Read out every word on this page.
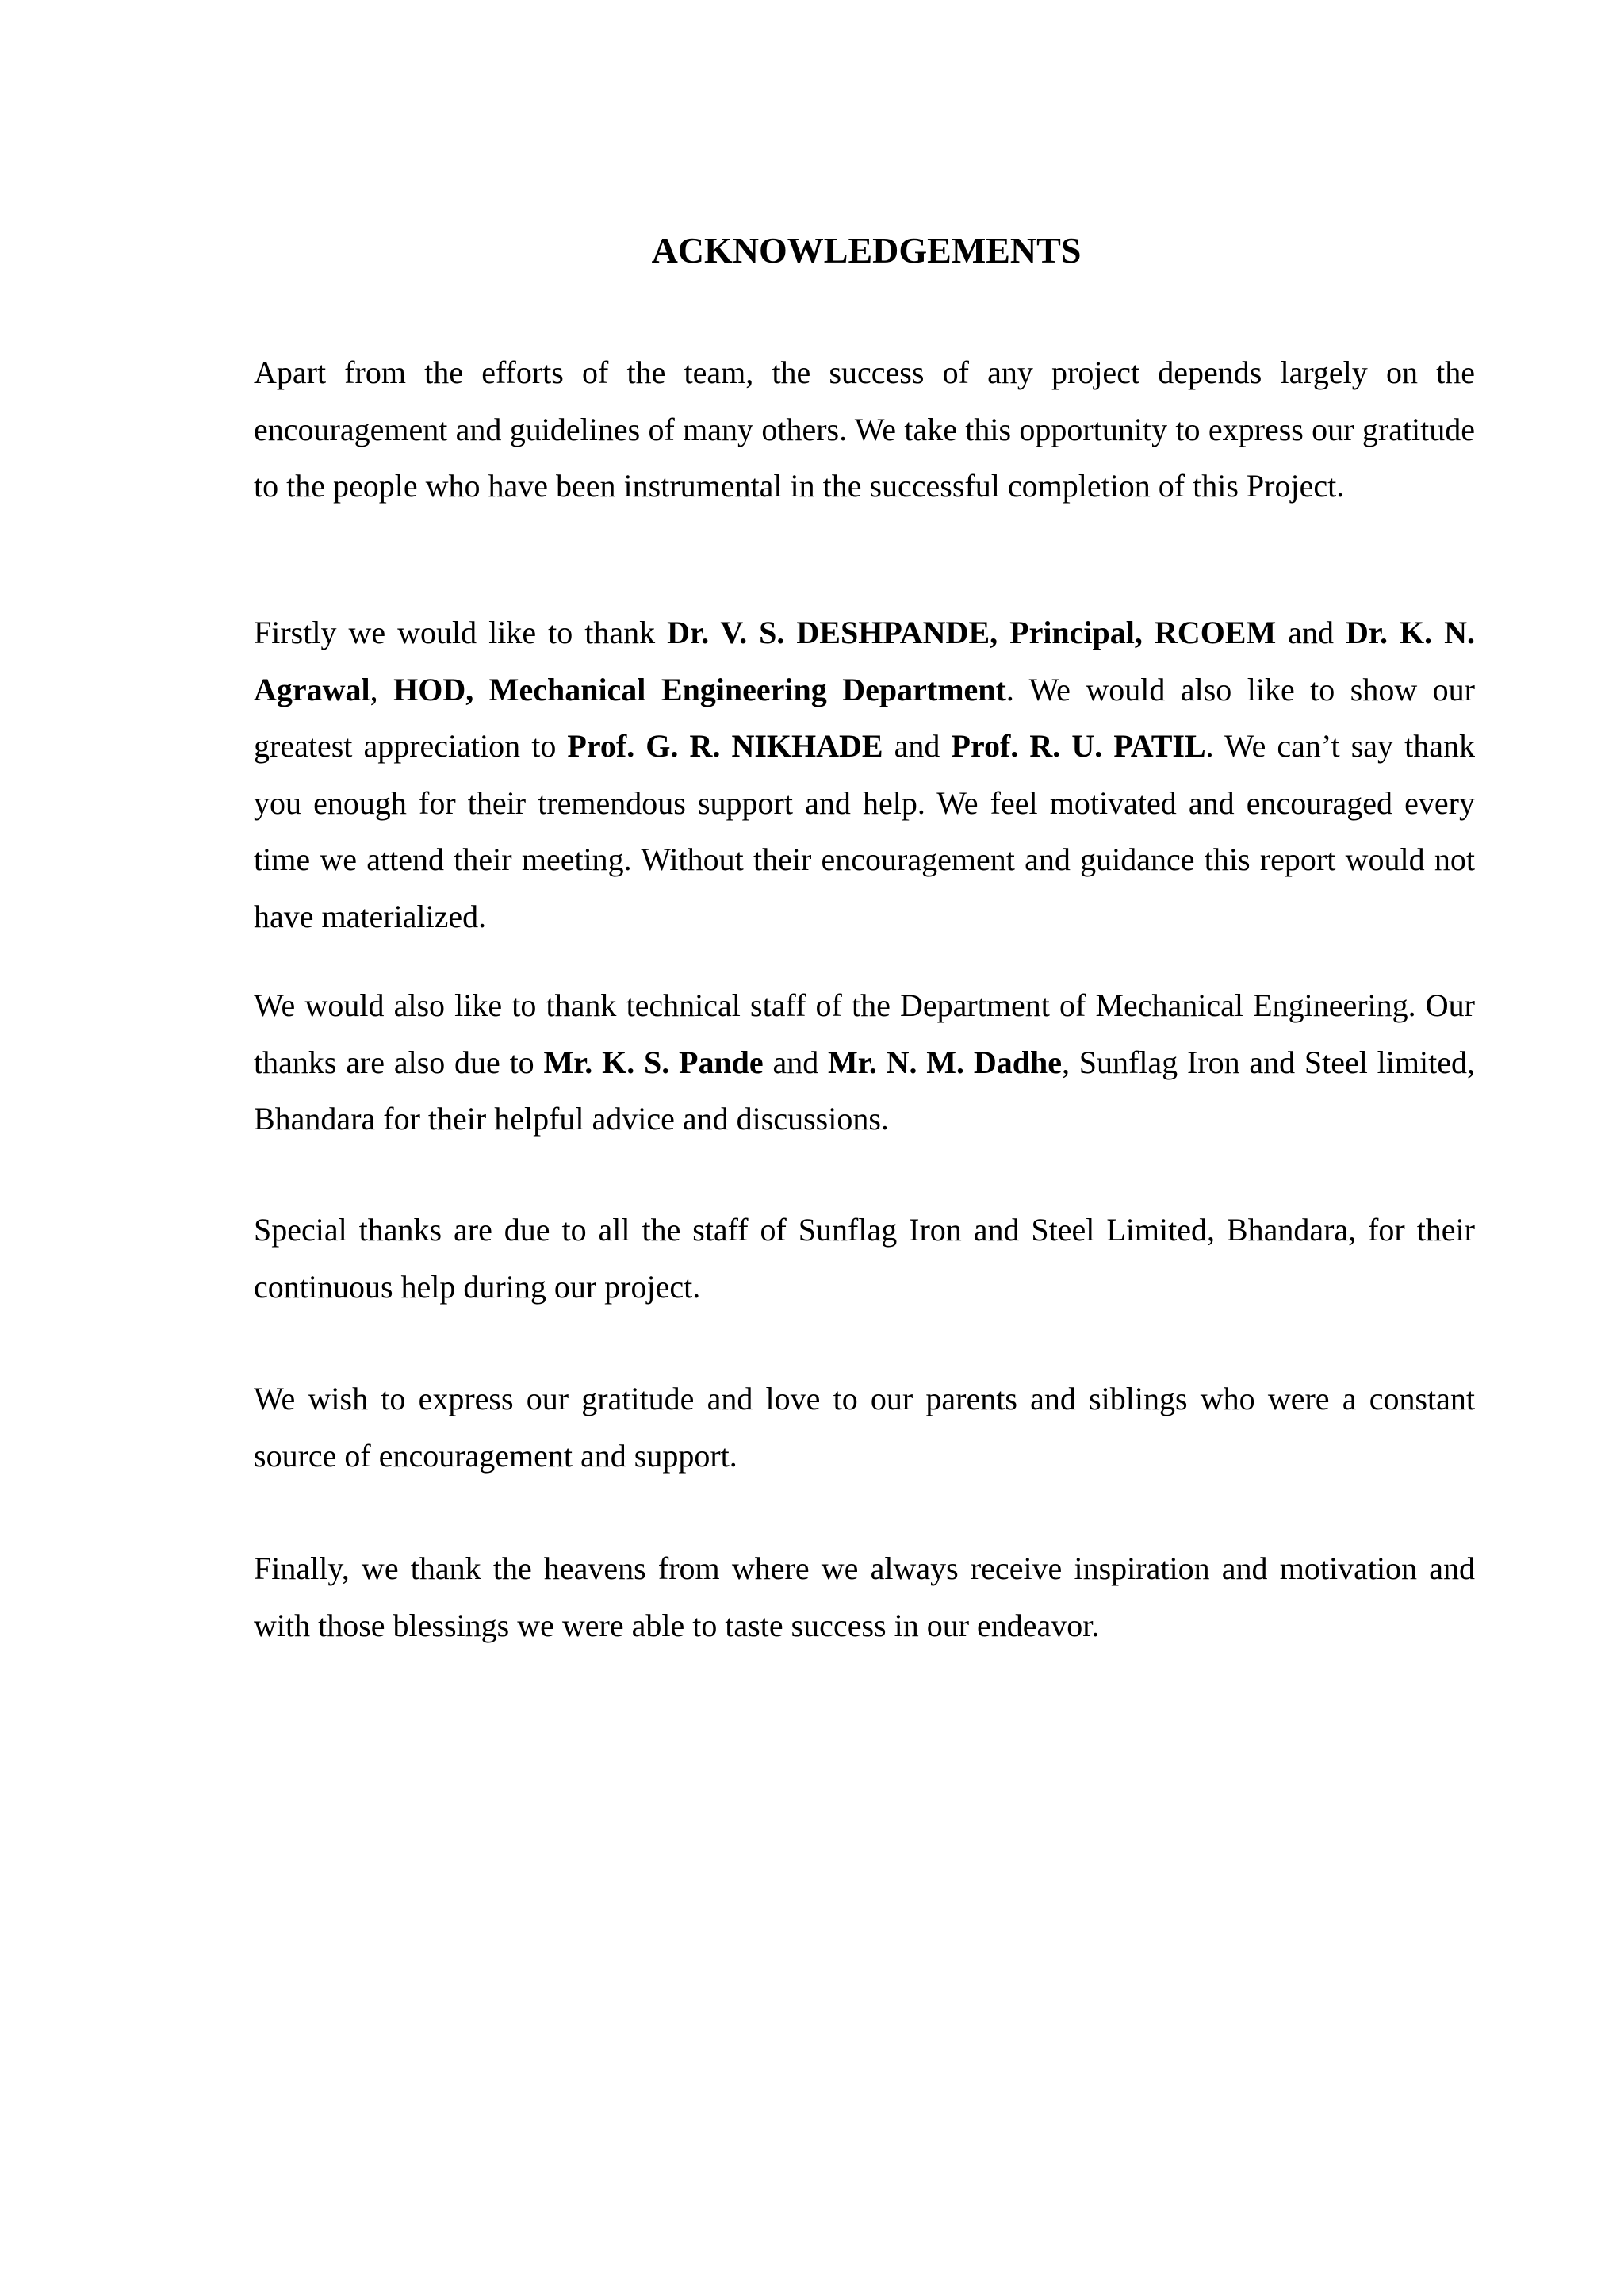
ACKNOWLEDGEMENTS

Apart from the efforts of the team, the success of any project depends largely on the encouragement and guidelines of many others. We take this opportunity to express our gratitude to the people who have been instrumental in the successful completion of this Project.

Firstly we would like to thank Dr. V. S. DESHPANDE, Principal, RCOEM and Dr. K. N. Agrawal, HOD, Mechanical Engineering Department. We would also like to show our greatest appreciation to Prof. G. R. NIKHADE and Prof. R. U. PATIL. We can’t say thank you enough for their tremendous support and help. We feel motivated and encouraged every time we attend their meeting. Without their encouragement and guidance this report would not have materialized.

We would also like to thank technical staff of the Department of Mechanical Engineering. Our thanks are also due to Mr. K. S. Pande and Mr. N. M. Dadhe, Sunflag Iron and Steel limited, Bhandara for their helpful advice and discussions.

Special thanks are due to all the staff of Sunflag Iron and Steel Limited, Bhandara, for their continuous help during our project.

We wish to express our gratitude and love to our parents and siblings who were a constant source of encouragement and support.

Finally, we thank the heavens from where we always receive inspiration and motivation and with those blessings we were able to taste success in our endeavor.
